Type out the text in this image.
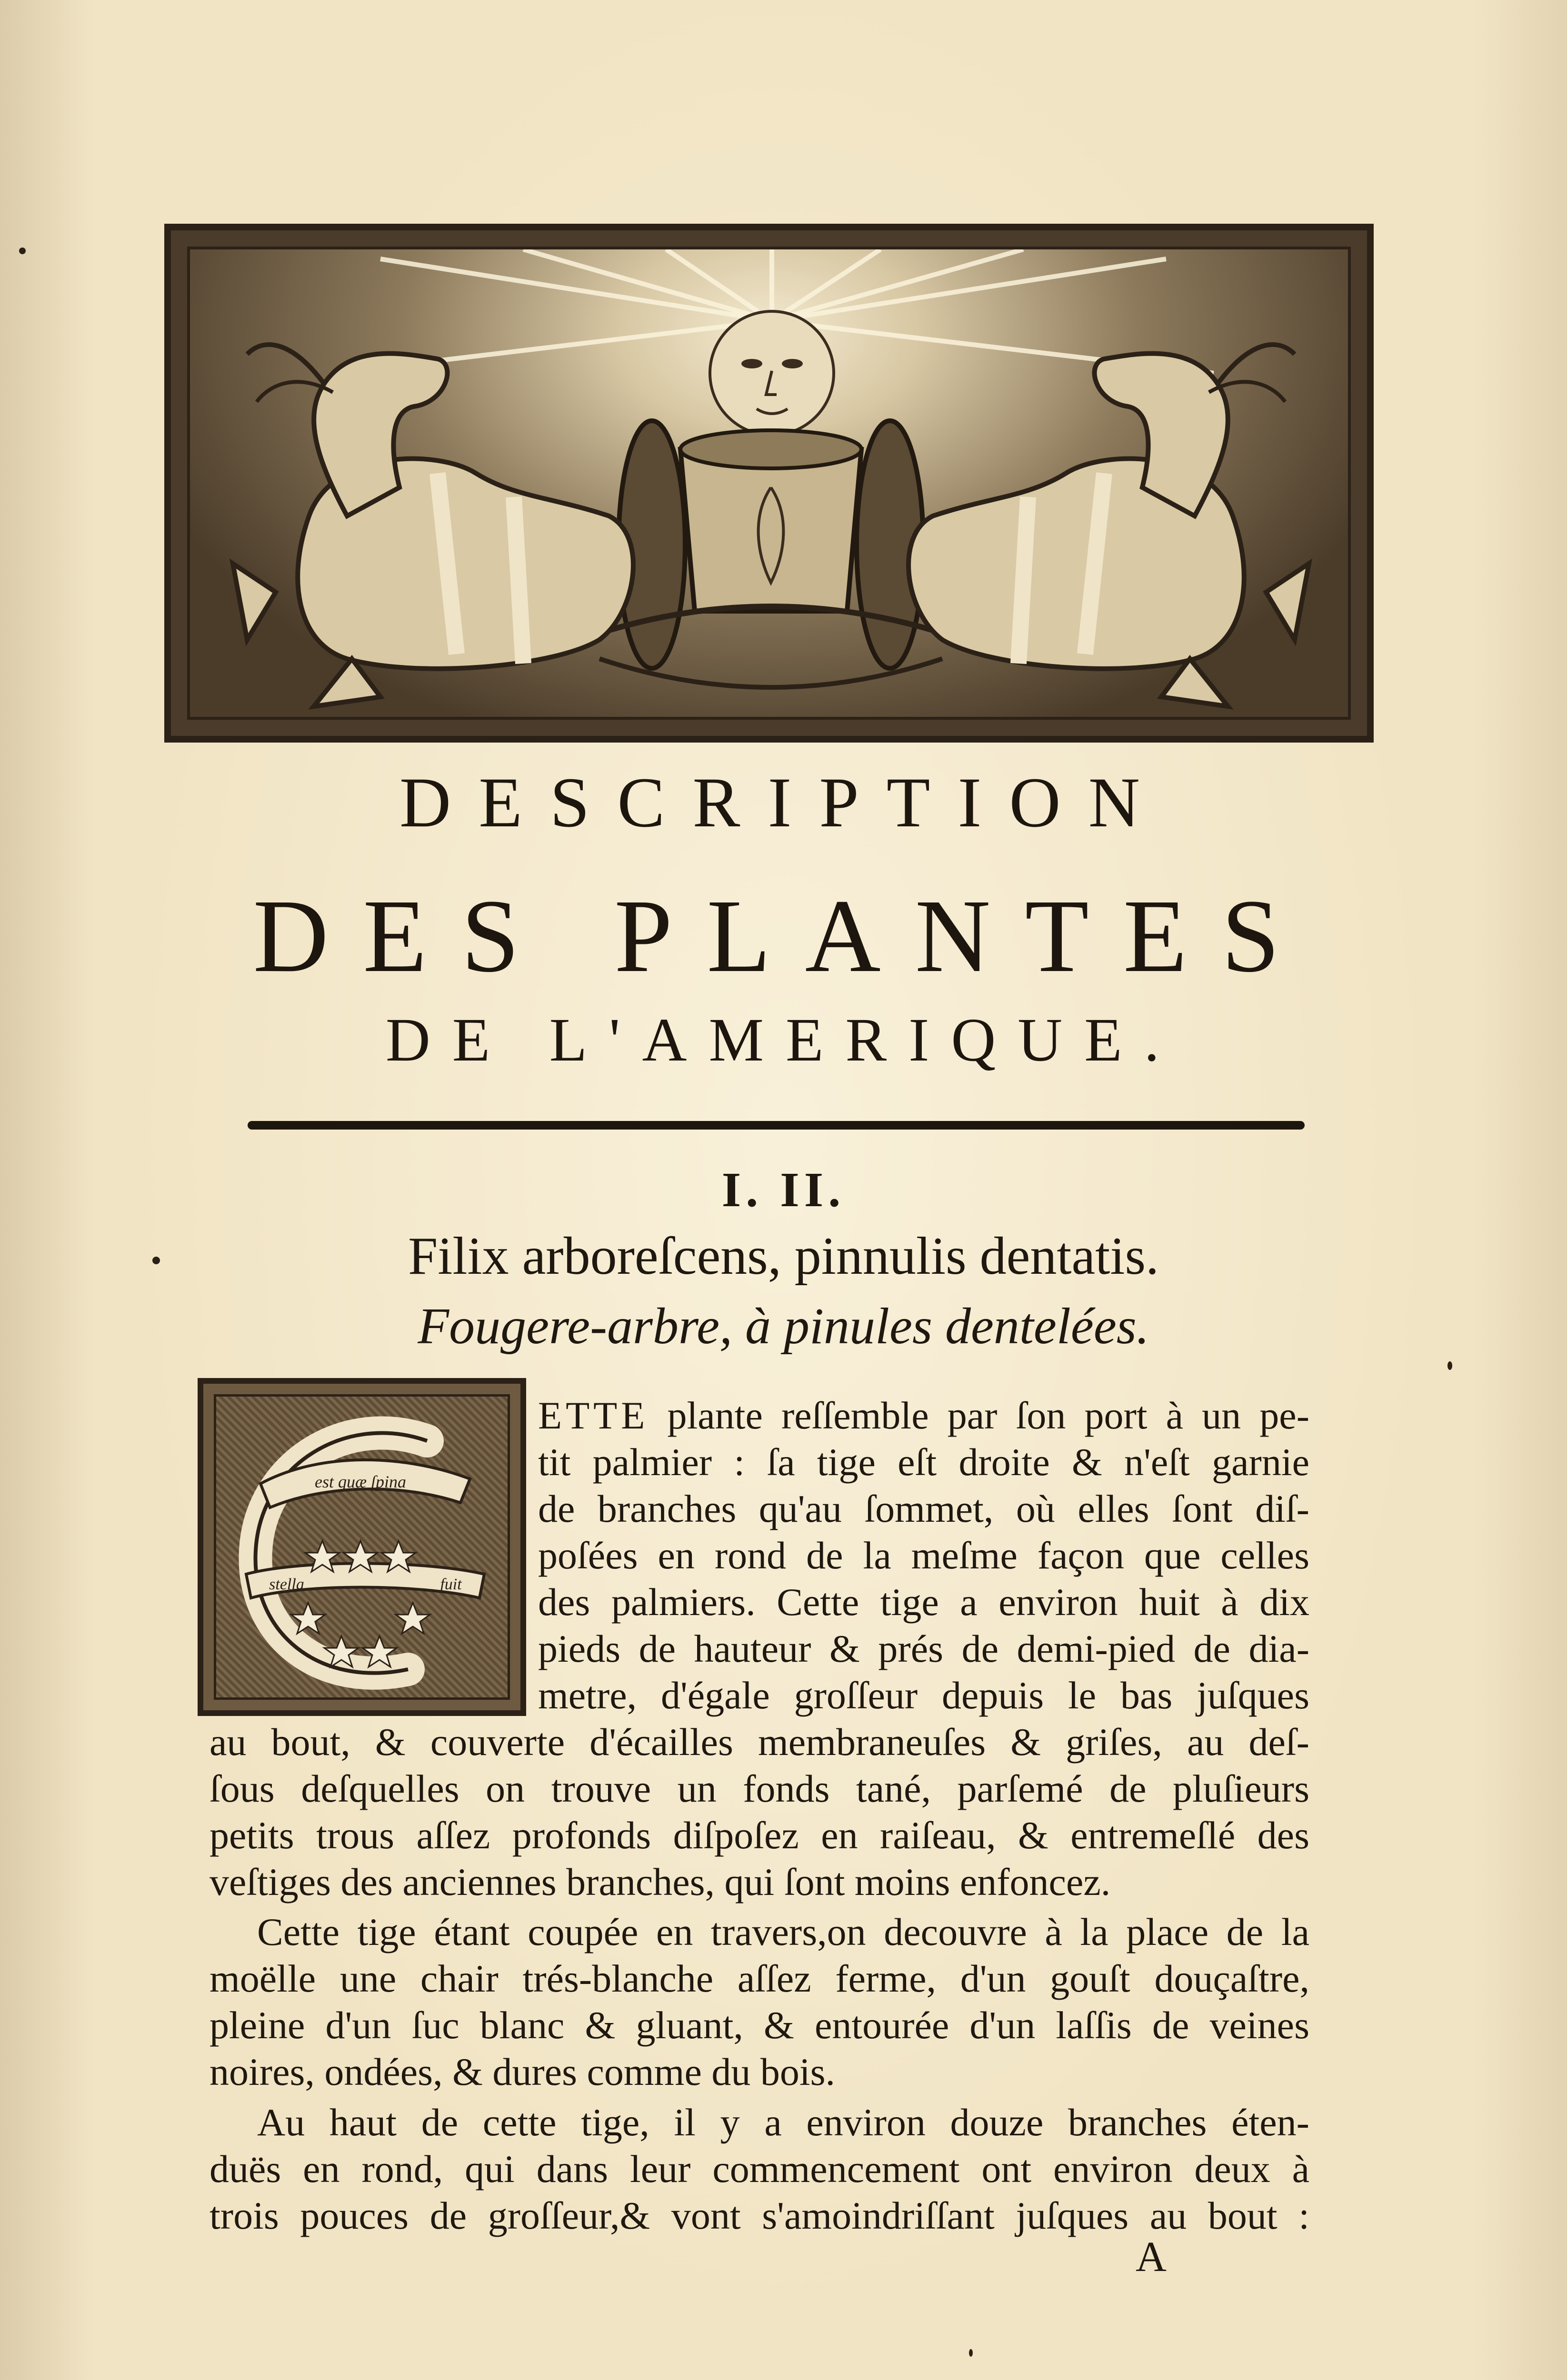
DESCRIPTION
DES PLANTES
DE L'AMERIQUE.
I. II.
Filix arboreſcens, pinnulis dentatis.
Fougere-arbre, à pinules dentelées.
est quæ ſpina
stella	fuit
ETTE plante reſſemble par ſon port à un pe-
tit palmier : ſa tige eſt droite & n'eſt garnie
de branches qu'au ſommet, où elles ſont diſ-
poſées en rond de la meſme façon que celles
des palmiers. Cette tige a environ huit à dix
pieds de hauteur & prés de demi-pied de dia-
metre, d'égale groſſeur depuis le bas juſques
au bout, & couverte d'écailles membraneuſes & griſes, au deſ-
ſous deſquelles on trouve un fonds tané, parſemé de pluſieurs
petits trous aſſez profonds diſpoſez en raiſeau, & entremeſlé des
veſtiges des anciennes branches, qui ſont moins enfoncez.
Cette tige étant coupée en travers,on decouvre à la place de la
moëlle une chair trés-blanche aſſez ferme, d'un gouſt douçaſtre,
pleine d'un ſuc blanc & gluant, & entourée d'un laſſis de veines
noires, ondées, & dures comme du bois.
Au haut de cette tige, il y a environ douze branches éten-
duës en rond, qui dans leur commencement ont environ deux à
trois pouces de groſſeur,& vont s'amoindriſſant juſques au bout :
A
